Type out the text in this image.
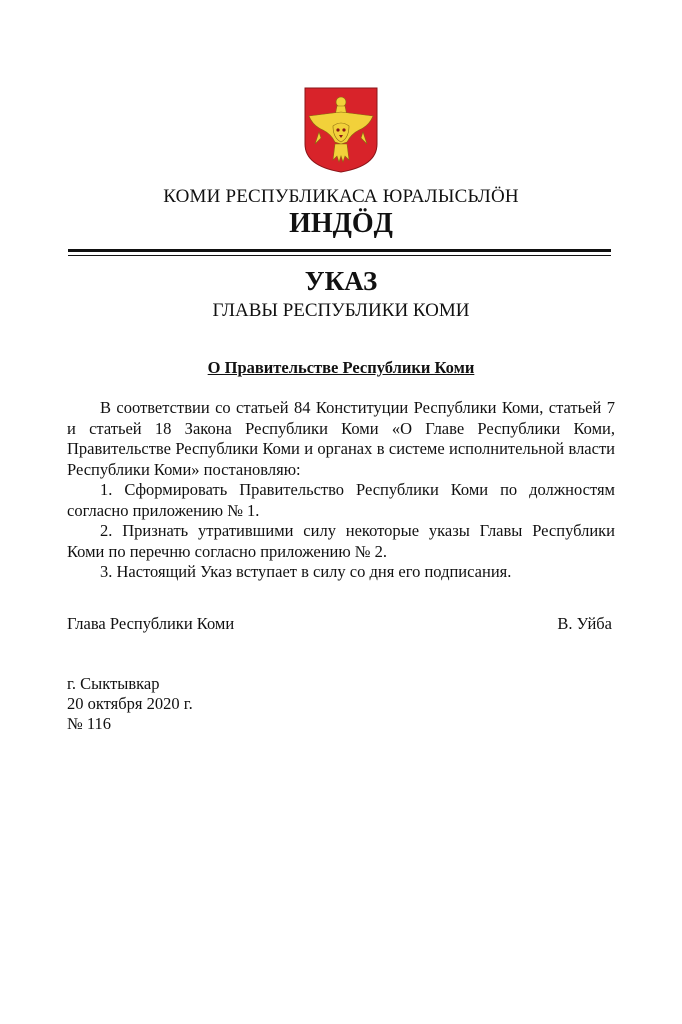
КОМИ РЕСПУБЛИКАСА ЮРАЛЫСЬЛӦН
ИНДӦД
УКАЗ
ГЛАВЫ РЕСПУБЛИКИ КОМИ
О Правительстве Республики Коми

В соответствии со статьей 84 Конституции Республики Коми, статьей 7 и статьей 18 Закона Республики Коми «О Главе Республики Коми, Правительстве Республики Коми и органах в системе исполнительной власти Республики Коми» постановляю:

1. Сформировать Правительство Республики Коми по должностям согласно приложению № 1.

2. Признать утратившими силу некоторые указы Главы Республики Коми по перечню согласно приложению № 2.

3. Настоящий Указ вступает в силу со дня его подписания.

Глава Республики Коми	В. Уйба
г. Сыктывкар
20 октября 2020 г.
№ 116
